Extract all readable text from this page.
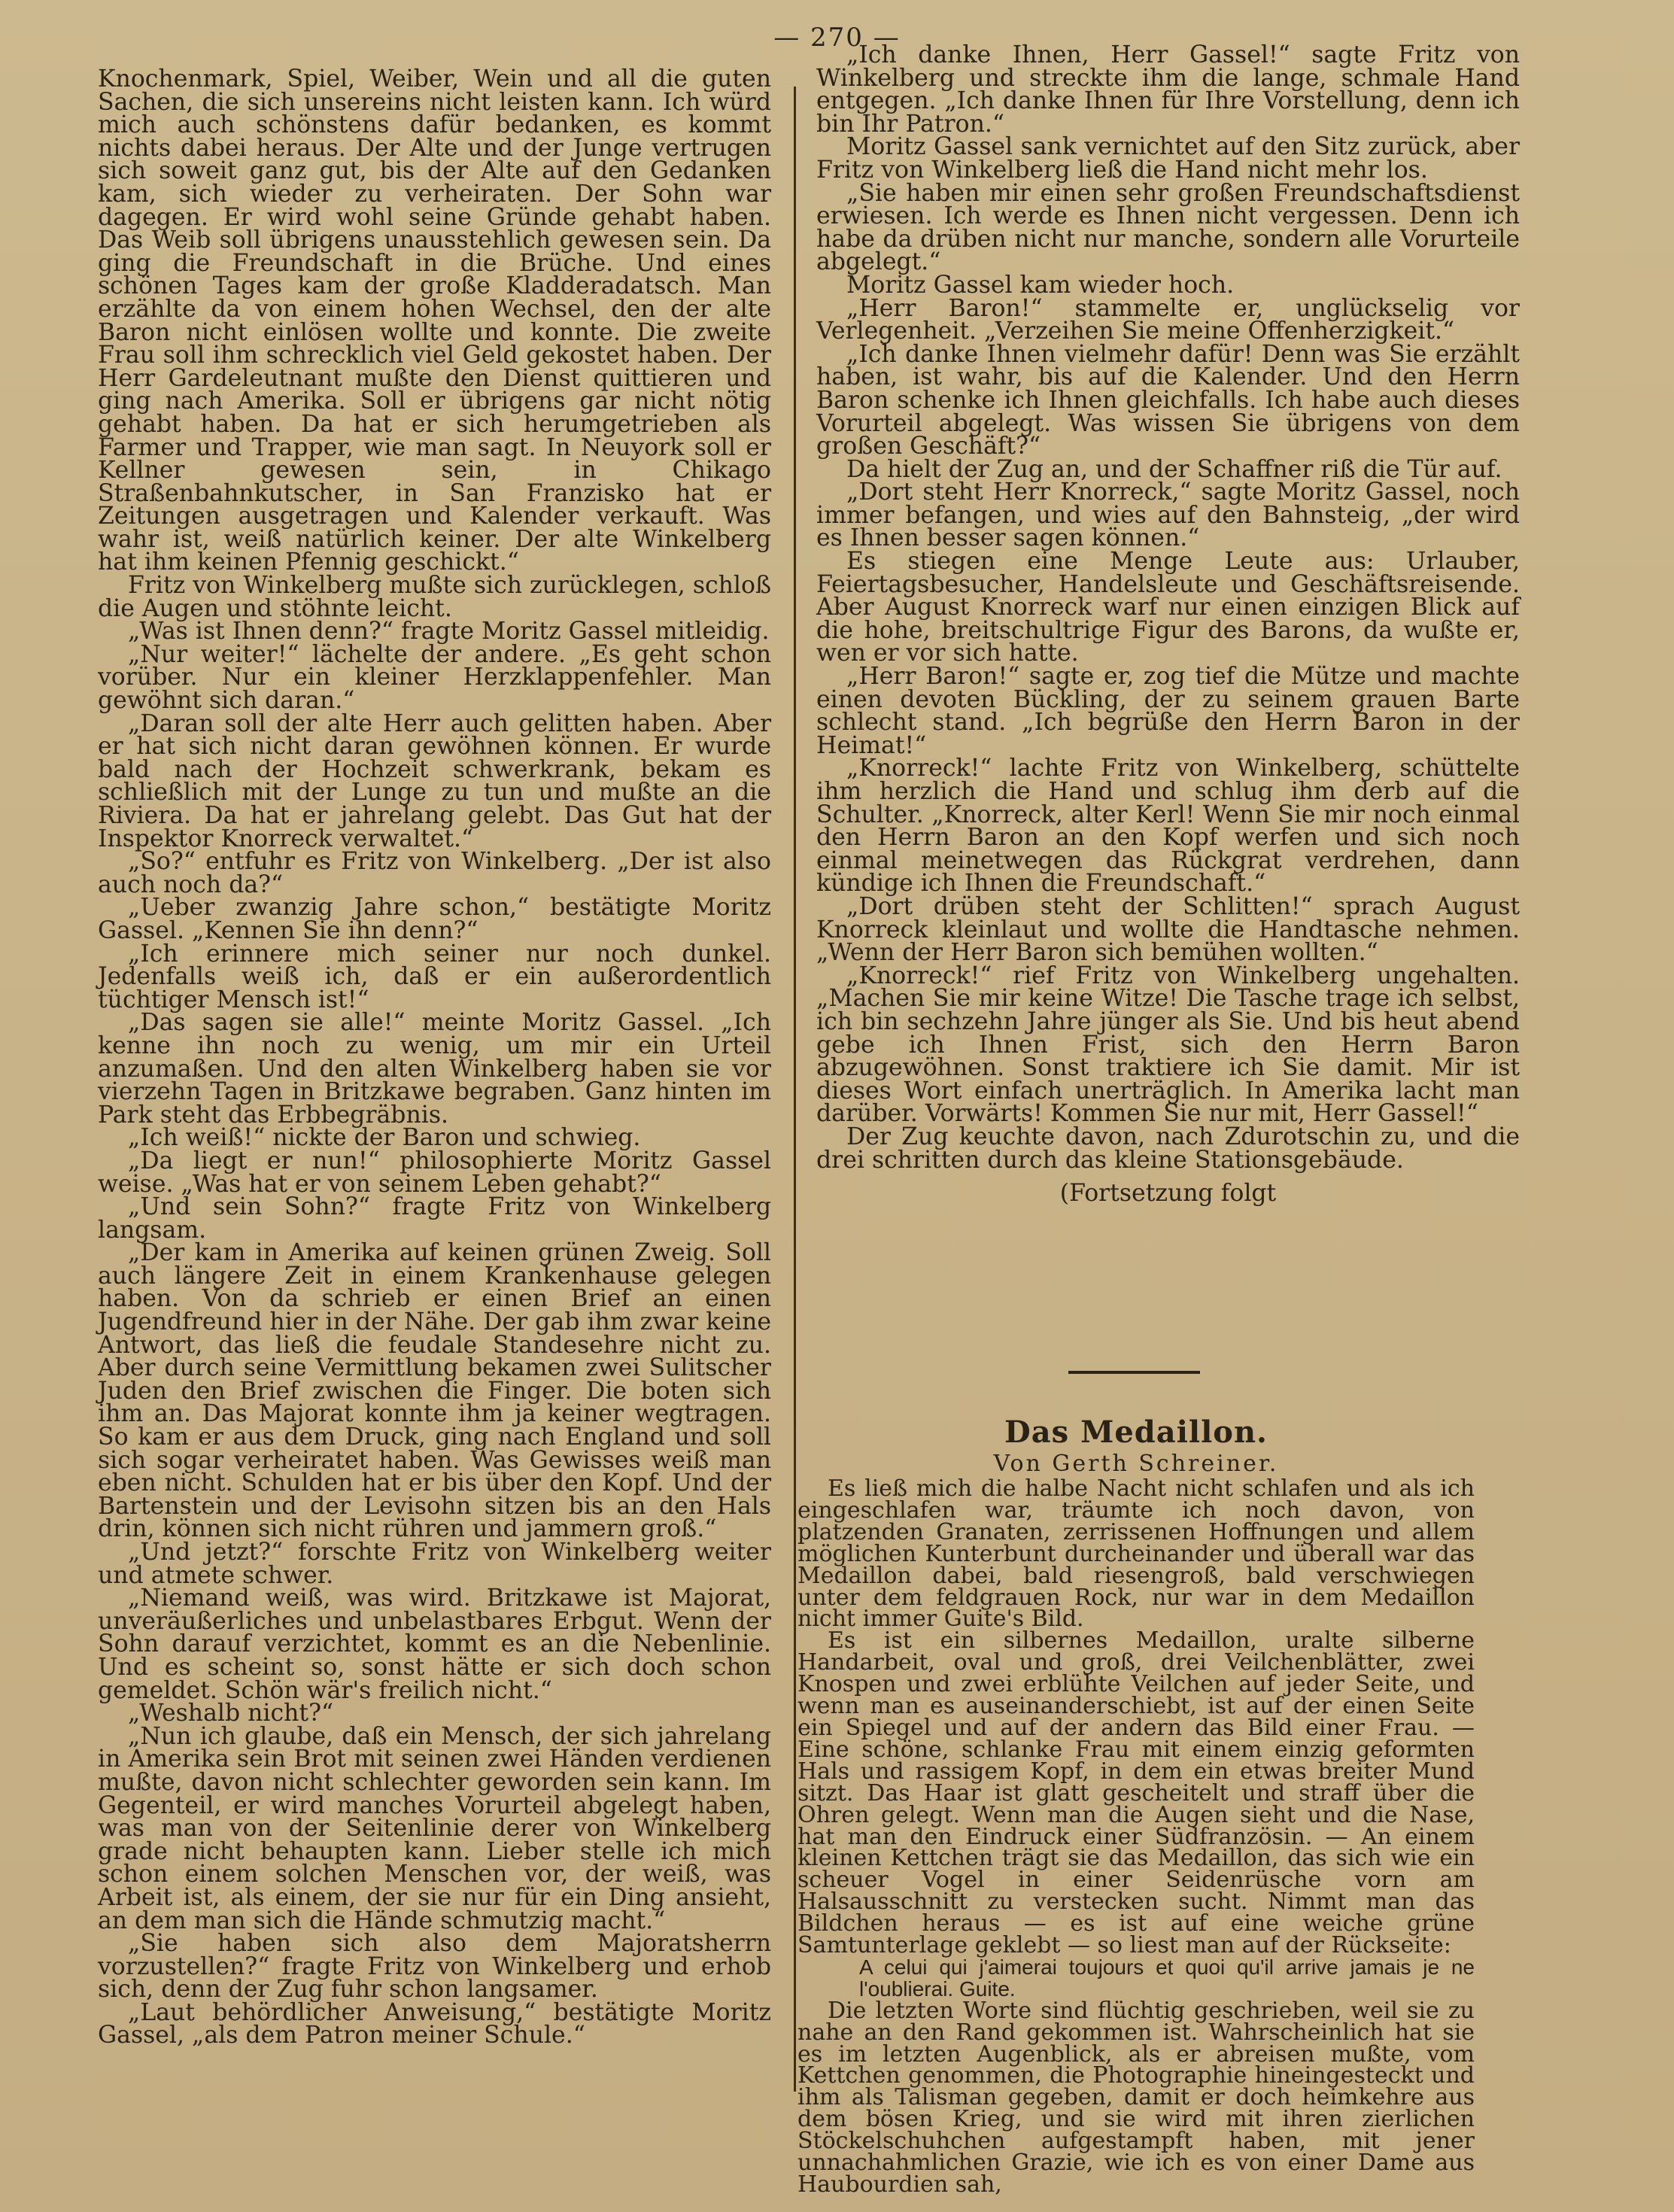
— 270 —

Knochenmark, Spiel, Weiber, Wein und all die guten Sachen, die sich unsereins nicht leisten kann. Ich würd mich auch schönstens dafür bedanken, es kommt nichts dabei heraus. Der Alte und der Junge vertrugen sich soweit ganz gut, bis der Alte auf den Gedanken kam, sich wieder zu verheiraten. Der Sohn war dagegen. Er wird wohl seine Gründe gehabt haben. Das Weib soll übrigens unausstehlich gewesen sein. Da ging die Freundschaft in die Brüche. Und eines schönen Tages kam der große Kladderadatsch. Man erzählte da von einem hohen Wechsel, den der alte Baron nicht einlösen wollte und konnte. Die zweite Frau soll ihm schrecklich viel Geld gekostet haben. Der Herr Gardeleutnant mußte den Dienst quittieren und ging nach Amerika. Soll er übrigens gar nicht nötig gehabt haben. Da hat er sich herumgetrieben als Farmer und Trapper, wie man sagt. In Neuyork soll er Kellner gewesen sein, in Chikago Straßenbahnkutscher, in San Franzisko hat er Zeitungen ausgetragen und Kalender verkauft. Was wahr ist, weiß natürlich keiner. Der alte Winkelberg hat ihm keinen Pfennig geschickt.“

Fritz von Winkelberg mußte sich zurücklegen, schloß die Augen und stöhnte leicht.

„Was ist Ihnen denn?“ fragte Moritz Gassel mitleidig.

„Nur weiter!“ lächelte der andere. „Es geht schon vorüber. Nur ein kleiner Herzklappenfehler. Man gewöhnt sich daran.“

„Daran soll der alte Herr auch gelitten haben. Aber er hat sich nicht daran gewöhnen können. Er wurde bald nach der Hochzeit schwerkrank, bekam es schließlich mit der Lunge zu tun und mußte an die Riviera. Da hat er jahrelang gelebt. Das Gut hat der Inspektor Knorreck verwaltet.“

„So?“ entfuhr es Fritz von Winkelberg. „Der ist also auch noch da?“

„Ueber zwanzig Jahre schon,“ bestätigte Moritz Gassel. „Kennen Sie ihn denn?“

„Ich erinnere mich seiner nur noch dunkel. Jedenfalls weiß ich, daß er ein außerordentlich tüchtiger Mensch ist!“

„Das sagen sie alle!“ meinte Moritz Gassel. „Ich kenne ihn noch zu wenig, um mir ein Urteil anzumaßen. Und den alten Winkelberg haben sie vor vierzehn Tagen in Britzkawe begraben. Ganz hinten im Park steht das Erbbegräbnis.

„Ich weiß!“ nickte der Baron und schwieg.

„Da liegt er nun!“ philosophierte Moritz Gassel weise. „Was hat er von seinem Leben gehabt?“

„Und sein Sohn?“ fragte Fritz von Winkelberg langsam.

„Der kam in Amerika auf keinen grünen Zweig. Soll auch längere Zeit in einem Krankenhause gelegen haben. Von da schrieb er einen Brief an einen Jugendfreund hier in der Nähe. Der gab ihm zwar keine Antwort, das ließ die feudale Standesehre nicht zu. Aber durch seine Vermittlung bekamen zwei Sulitscher Juden den Brief zwischen die Finger. Die boten sich ihm an. Das Majorat konnte ihm ja keiner wegtragen. So kam er aus dem Druck, ging nach England und soll sich sogar verheiratet haben. Was Gewisses weiß man eben nicht. Schulden hat er bis über den Kopf. Und der Bartenstein und der Levisohn sitzen bis an den Hals drin, können sich nicht rühren und jammern groß.“

„Und jetzt?“ forschte Fritz von Winkelberg weiter und atmete schwer.

„Niemand weiß, was wird. Britzkawe ist Majorat, unveräußerliches und unbelastbares Erbgut. Wenn der Sohn darauf verzichtet, kommt es an die Nebenlinie. Und es scheint so, sonst hätte er sich doch schon gemeldet. Schön wär's freilich nicht.“

„Weshalb nicht?“

„Nun ich glaube, daß ein Mensch, der sich jahrelang in Amerika sein Brot mit seinen zwei Händen verdienen mußte, davon nicht schlechter geworden sein kann. Im Gegenteil, er wird manches Vorurteil abgelegt haben, was man von der Seitenlinie derer von Winkelberg grade nicht behaupten kann. Lieber stelle ich mich schon einem solchen Menschen vor, der weiß, was Arbeit ist, als einem, der sie nur für ein Ding ansieht, an dem man sich die Hände schmutzig macht.“

„Sie haben sich also dem Majoratsherrn vorzustellen?“ fragte Fritz von Winkelberg und erhob sich, denn der Zug fuhr schon langsamer.

„Laut behördlicher Anweisung,“ bestätigte Moritz Gassel, „als dem Patron meiner Schule.“

„Ich danke Ihnen, Herr Gassel!“ sagte Fritz von Winkelberg und streckte ihm die lange, schmale Hand entgegen. „Ich danke Ihnen für Ihre Vorstellung, denn ich bin Ihr Patron.“

Moritz Gassel sank vernichtet auf den Sitz zurück, aber Fritz von Winkelberg ließ die Hand nicht mehr los.

„Sie haben mir einen sehr großen Freundschaftsdienst erwiesen. Ich werde es Ihnen nicht vergessen. Denn ich habe da drüben nicht nur manche, sondern alle Vorurteile abgelegt.“

Moritz Gassel kam wieder hoch.

„Herr Baron!“ stammelte er, unglückselig vor Verlegenheit. „Verzeihen Sie meine Offenherzigkeit.“

„Ich danke Ihnen vielmehr dafür! Denn was Sie erzählt haben, ist wahr, bis auf die Kalender. Und den Herrn Baron schenke ich Ihnen gleichfalls. Ich habe auch dieses Vorurteil abgelegt. Was wissen Sie übrigens von dem großen Geschäft?“

Da hielt der Zug an, und der Schaffner riß die Tür auf.

„Dort steht Herr Knorreck,“ sagte Moritz Gassel, noch immer befangen, und wies auf den Bahnsteig, „der wird es Ihnen besser sagen können.“

Es stiegen eine Menge Leute aus: Urlauber, Feiertagsbesucher, Handelsleute und Geschäftsreisende. Aber August Knorreck warf nur einen einzigen Blick auf die hohe, breitschultrige Figur des Barons, da wußte er, wen er vor sich hatte.

„Herr Baron!“ sagte er, zog tief die Mütze und machte einen devoten Bückling, der zu seinem grauen Barte schlecht stand. „Ich begrüße den Herrn Baron in der Heimat!“

„Knorreck!“ lachte Fritz von Winkelberg, schüttelte ihm herzlich die Hand und schlug ihm derb auf die Schulter. „Knorreck, alter Kerl! Wenn Sie mir noch einmal den Herrn Baron an den Kopf werfen und sich noch einmal meinetwegen das Rückgrat verdrehen, dann kündige ich Ihnen die Freundschaft.“

„Dort drüben steht der Schlitten!“ sprach August Knorreck kleinlaut und wollte die Handtasche nehmen. „Wenn der Herr Baron sich bemühen wollten.“

„Knorreck!“ rief Fritz von Winkelberg ungehalten. „Machen Sie mir keine Witze! Die Tasche trage ich selbst, ich bin sechzehn Jahre jünger als Sie. Und bis heut abend gebe ich Ihnen Frist, sich den Herrn Baron abzugewöhnen. Sonst traktiere ich Sie damit. Mir ist dieses Wort einfach unerträglich. In Amerika lacht man darüber. Vorwärts! Kommen Sie nur mit, Herr Gassel!“

Der Zug keuchte davon, nach Zdurotschin zu, und die drei schritten durch das kleine Stationsgebäude.

(Fortsetzung folgt

Das Medaillon.
Von Gerth Schreiner.

Es ließ mich die halbe Nacht nicht schlafen und als ich eingeschlafen war, träumte ich noch davon, von platzenden Granaten, zerrissenen Hoffnungen und allem möglichen Kunterbunt durcheinander und überall war das Medaillon dabei, bald riesengroß, bald verschwiegen unter dem feldgrauen Rock, nur war in dem Medaillon nicht immer Guite's Bild.

Es ist ein silbernes Medaillon, uralte silberne Handarbeit, oval und groß, drei Veilchenblätter, zwei Knospen und zwei erblühte Veilchen auf jeder Seite, und wenn man es auseinanderschiebt, ist auf der einen Seite ein Spiegel und auf der andern das Bild einer Frau. — Eine schöne, schlanke Frau mit einem einzig geformten Hals und rassigem Kopf, in dem ein etwas breiter Mund sitzt. Das Haar ist glatt gescheitelt und straff über die Ohren gelegt. Wenn man die Augen sieht und die Nase, hat man den Eindruck einer Südfranzösin. — An einem kleinen Kettchen trägt sie das Medaillon, das sich wie ein scheuer Vogel in einer Seidenrüsche vorn am Halsausschnitt zu verstecken sucht. Nimmt man das Bildchen heraus — es ist auf eine weiche grüne Samtunterlage geklebt — so liest man auf der Rückseite:

A celui qui j'aimerai toujours et quoi qu'il arrive jamais je ne l'oublierai. Guite.

Die letzten Worte sind flüchtig geschrieben, weil sie zu nahe an den Rand gekommen ist. Wahrscheinlich hat sie es im letzten Augenblick, als er abreisen mußte, vom Kettchen genommen, die Photographie hineingesteckt und ihm als Talisman gegeben, damit er doch heimkehre aus dem bösen Krieg, und sie wird mit ihren zierlichen Stöckelschuhchen aufgestampft haben, mit jener unnachahmlichen Grazie, wie ich es von einer Dame aus Haubourdien sah,
